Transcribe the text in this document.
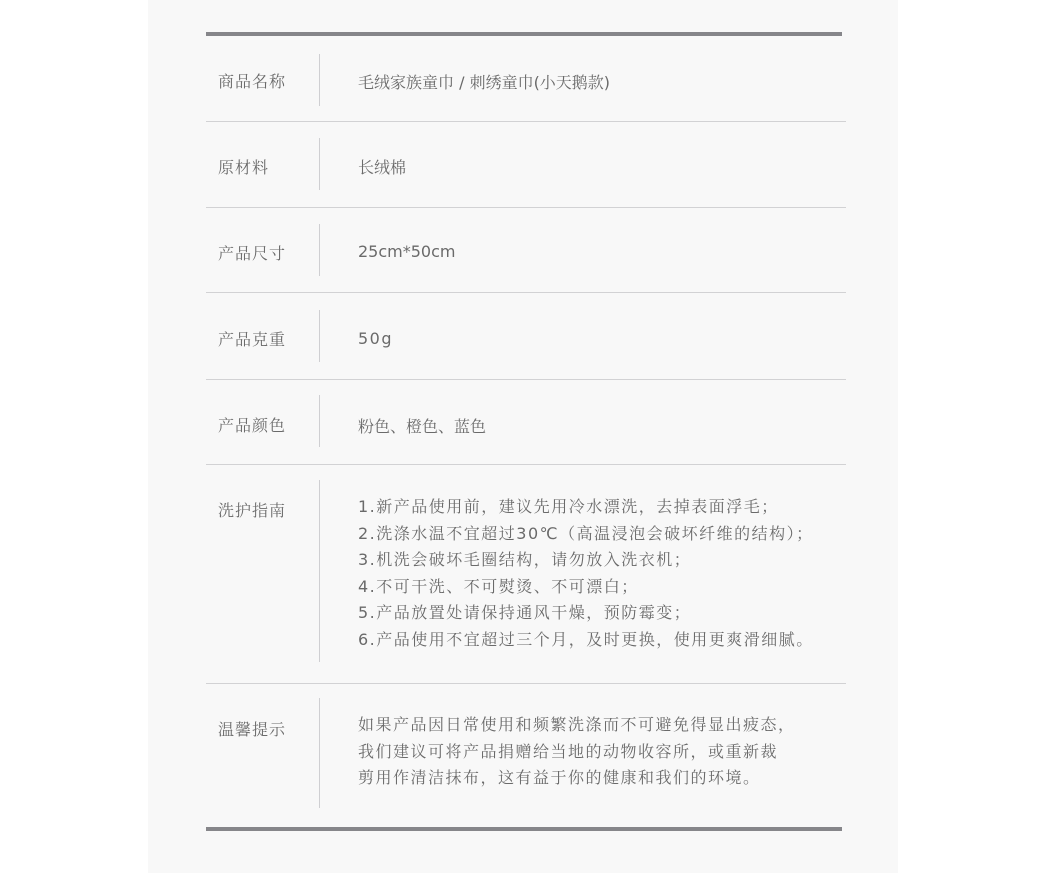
商品名称	毛绒家族童巾 / 刺绣童巾(小天鹅款)
原材料	长绒棉
产品尺寸	25cm*50cm
产品克重	50g
产品颜色	粉色、橙色、蓝色
洗护指南	1.新产品使用前，建议先用冷水漂洗，去掉表面浮毛；
2.洗涤水温不宜超过30℃（高温浸泡会破坏纤维的结构）；
3.机洗会破坏毛圈结构，请勿放入洗衣机；
4.不可干洗、不可熨烫、不可漂白；
5.产品放置处请保持通风干燥，预防霉变；
6.产品使用不宜超过三个月，及时更换，使用更爽滑细腻。
温馨提示	如果产品因日常使用和频繁洗涤而不可避免得显出疲态，
我们建议可将产品捐赠给当地的动物收容所，或重新裁
剪用作清洁抹布，这有益于你的健康和我们的环境。
